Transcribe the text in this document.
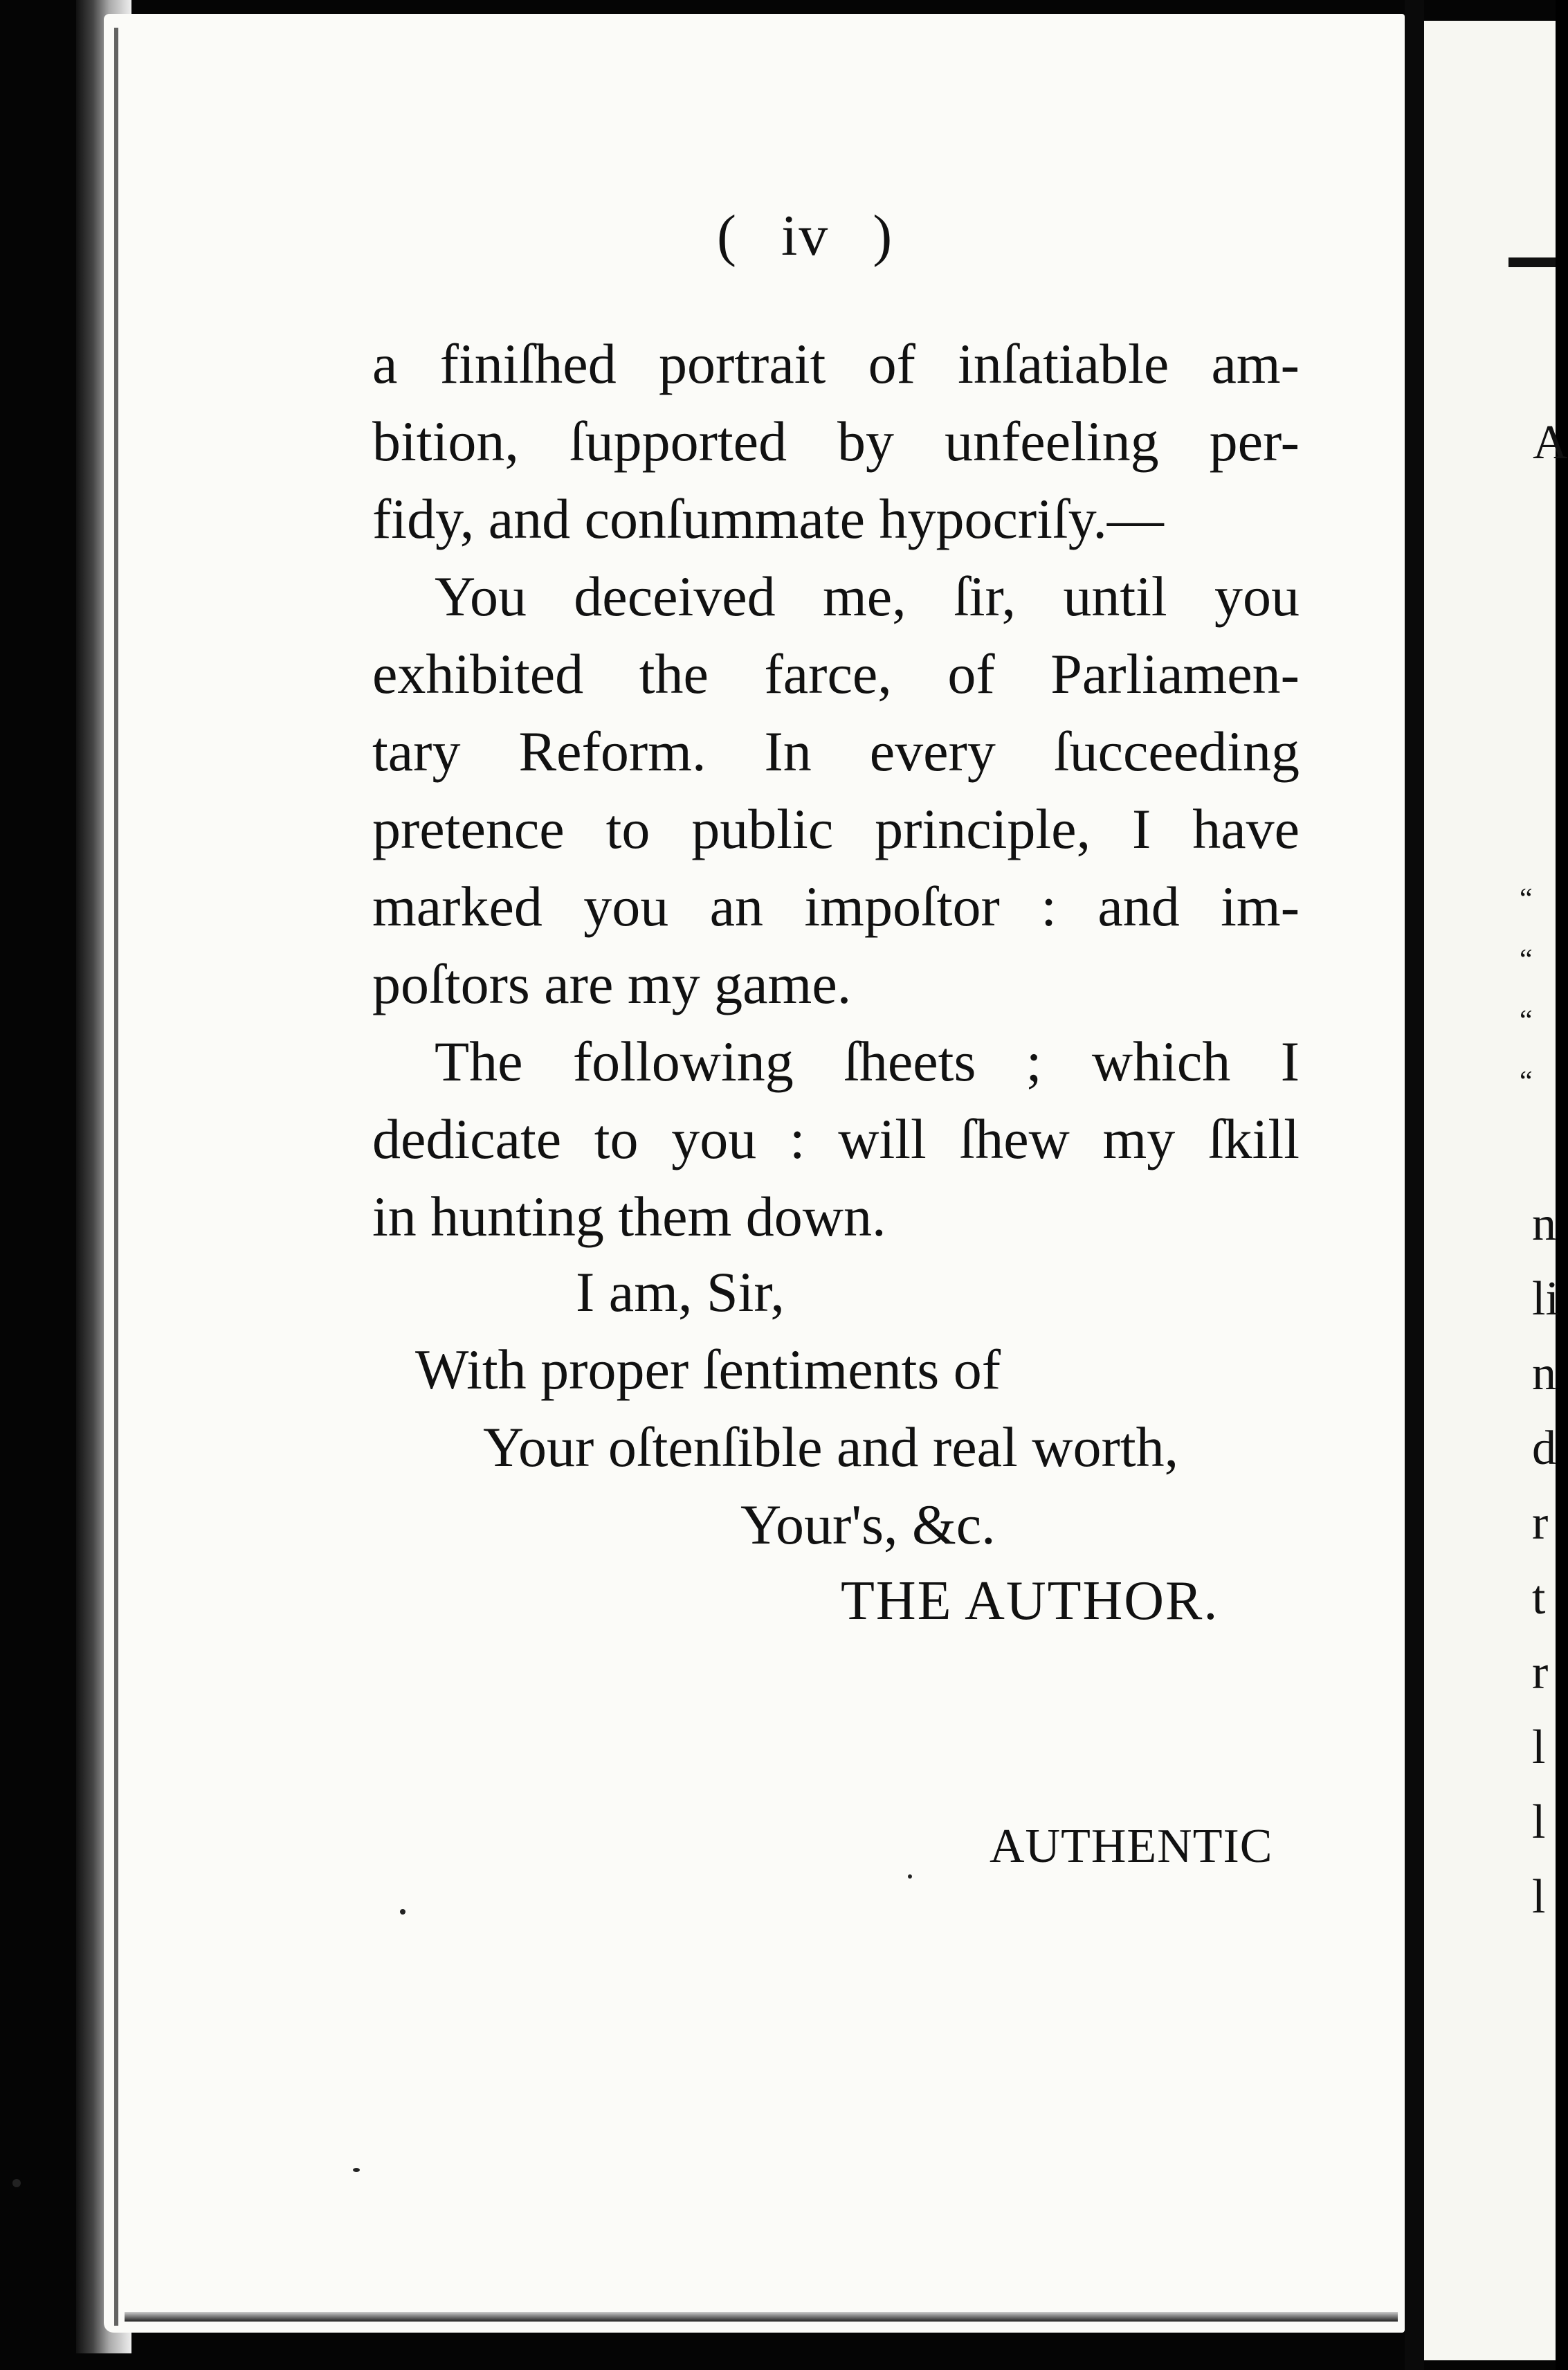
A
“
“
“
“
n
li
n
d
r
t
r
l
l
l
( iv )
a finiſhed portrait of inſatiable am-
bition, ſupported by unfeeling per-
fidy, and conſummate hypocriſy.—
You deceived me, ſir, until you
exhibited the farce, of Parliamen-
tary Reform. In every ſucceeding
pretence to public principle, I have
marked you an impoſtor : and im-
poſtors are my game.
The following ſheets ; which I
dedicate to you : will ſhew my ſkill
in hunting them down.
I am, Sir,
With proper ſentiments of
Your oſtenſible and real worth,
Your's, &c.
THE AUTHOR.
AUTHENTIC
